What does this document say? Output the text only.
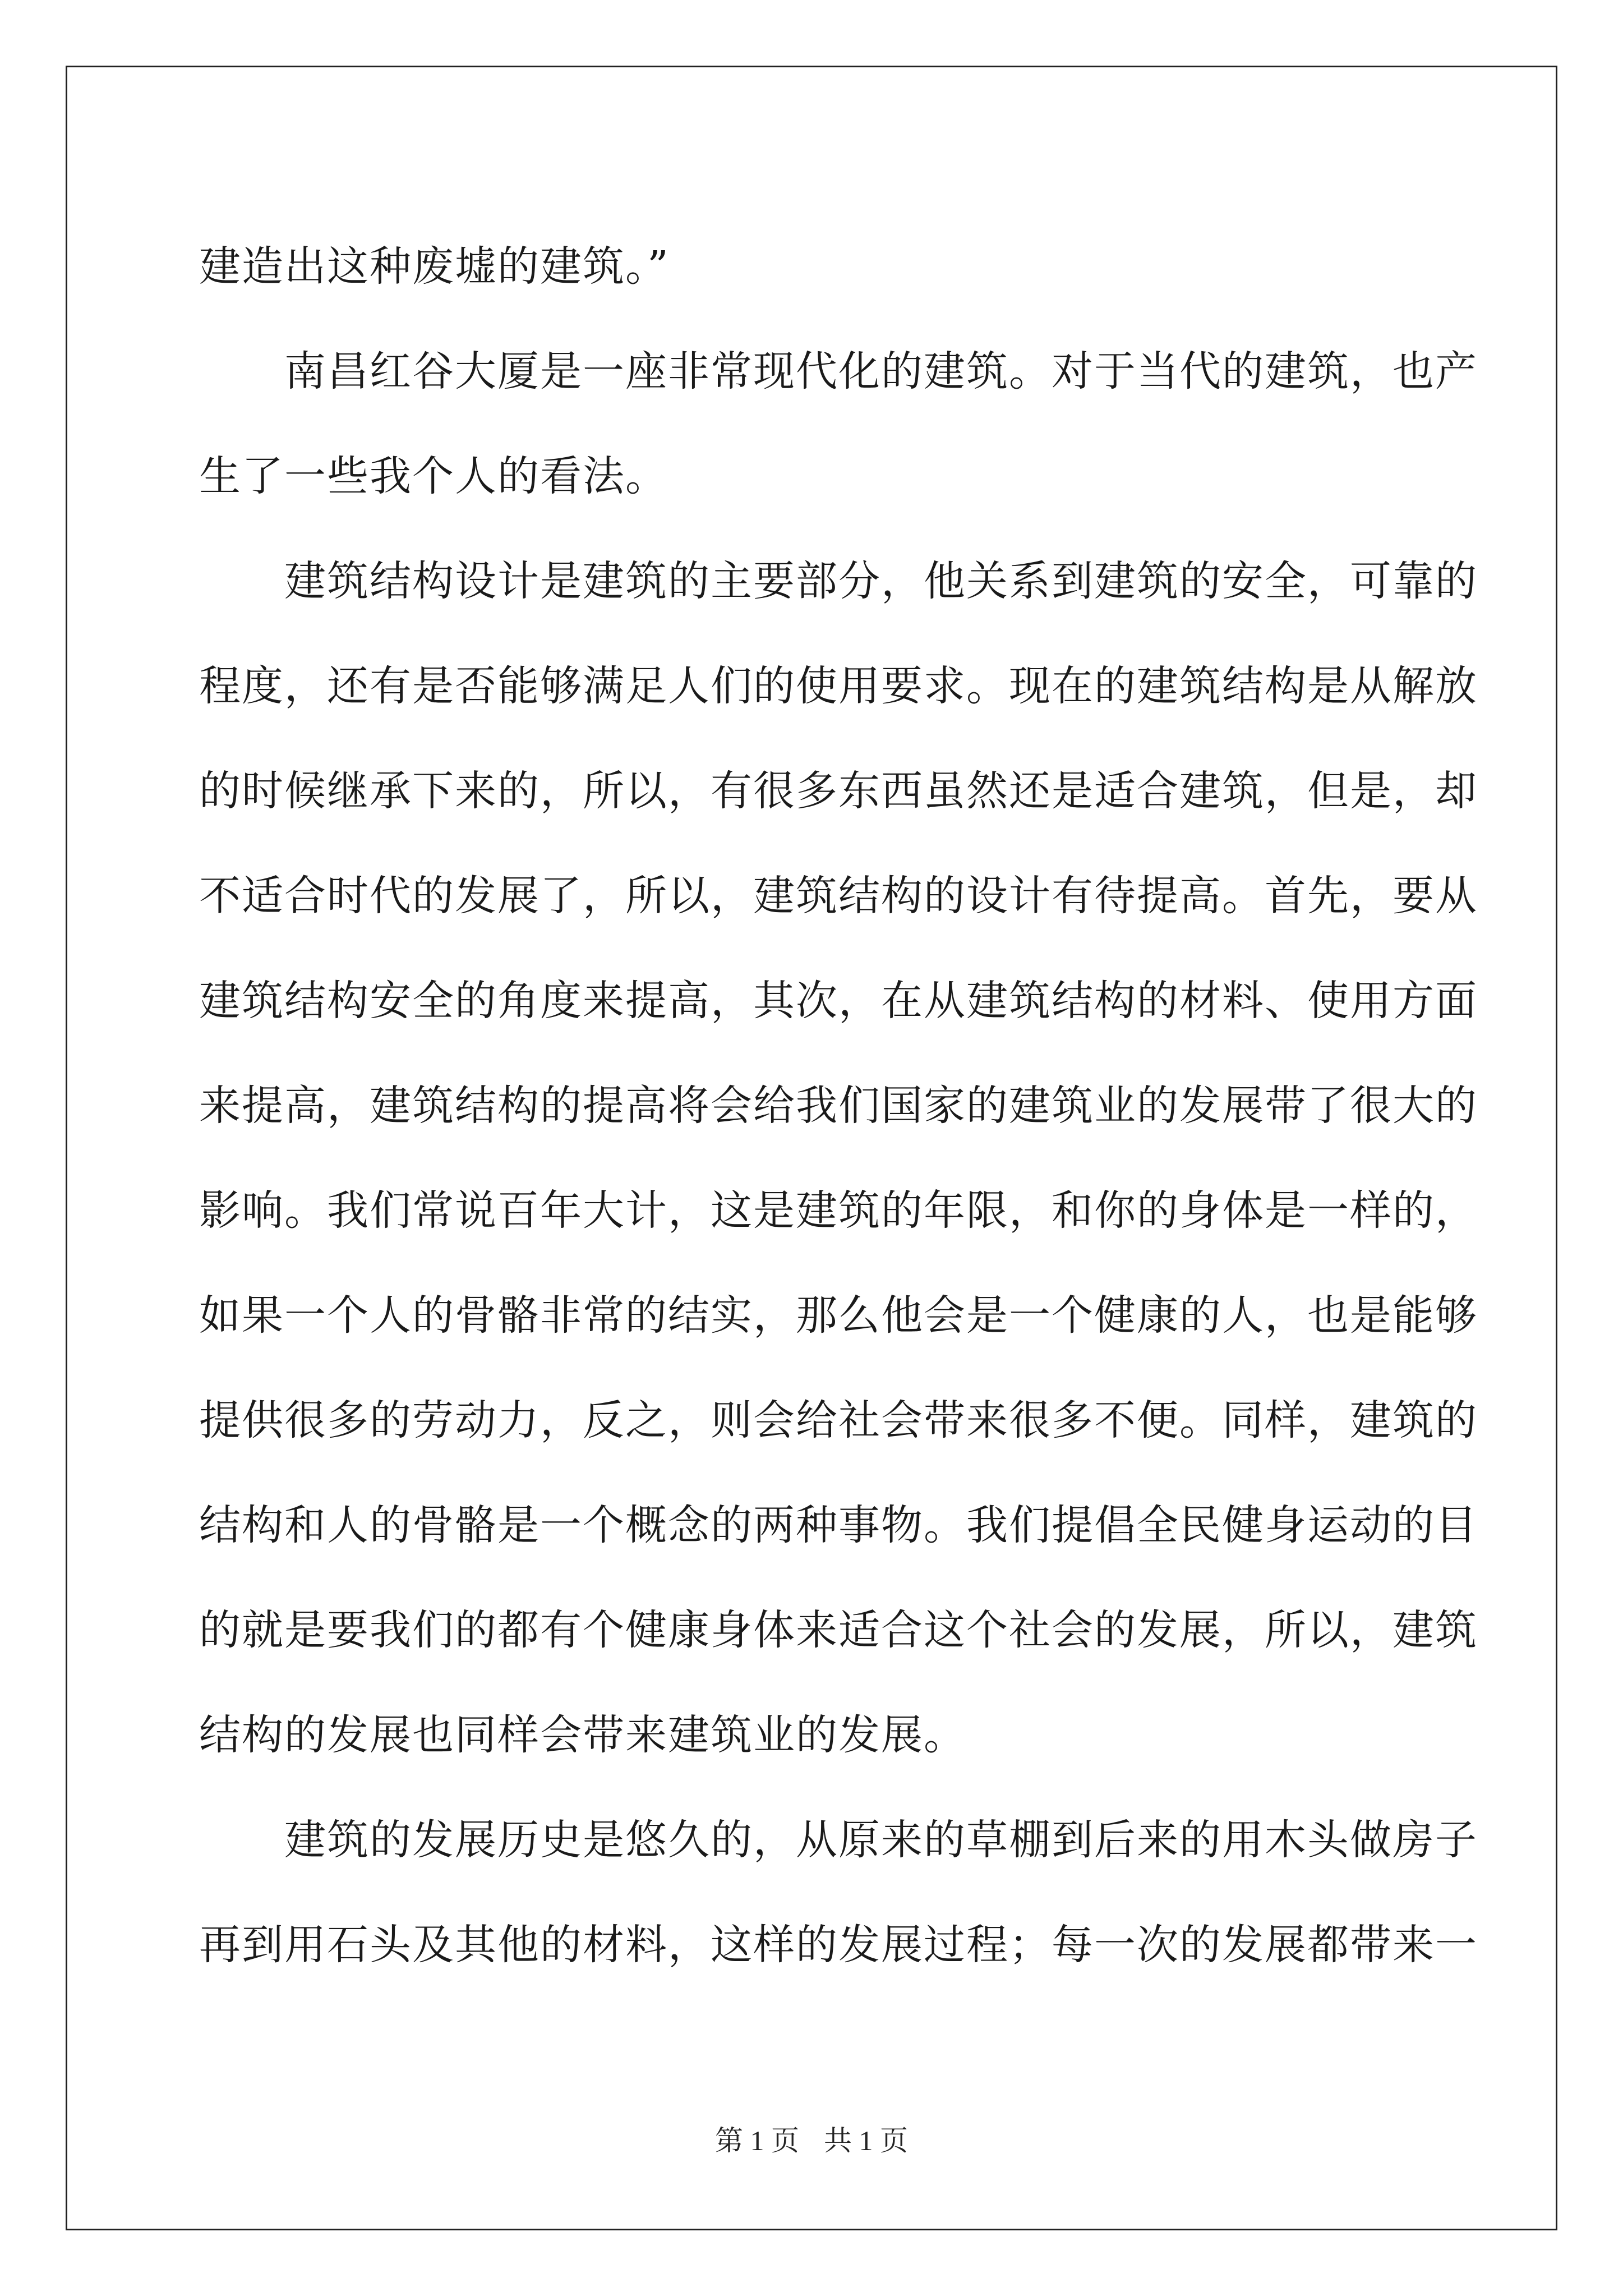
建造出这种废墟的建筑。”
　　南昌红谷大厦是一座非常现代化的建筑。对于当代的建筑，也产
生了一些我个人的看法。
　　建筑结构设计是建筑的主要部分，他关系到建筑的安全，可靠的
程度，还有是否能够满足人们的使用要求。现在的建筑结构是从解放
的时候继承下来的，所以，有很多东西虽然还是适合建筑，但是，却
不适合时代的发展了，所以，建筑结构的设计有待提高。首先，要从
建筑结构安全的角度来提高，其次，在从建筑结构的材料、使用方面
来提高，建筑结构的提高将会给我们国家的建筑业的发展带了很大的
影响。我们常说百年大计，这是建筑的年限，和你的身体是一样的，
如果一个人的骨骼非常的结实，那么他会是一个健康的人，也是能够
提供很多的劳动力，反之，则会给社会带来很多不便。同样，建筑的
结构和人的骨骼是一个概念的两种事物。我们提倡全民健身运动的目
的就是要我们的都有个健康身体来适合这个社会的发展，所以，建筑
结构的发展也同样会带来建筑业的发展。
　　建筑的发展历史是悠久的，从原来的草棚到后来的用木头做房子
再到用石头及其他的材料，这样的发展过程；每一次的发展都带来一
第 1 页 共 1 页
